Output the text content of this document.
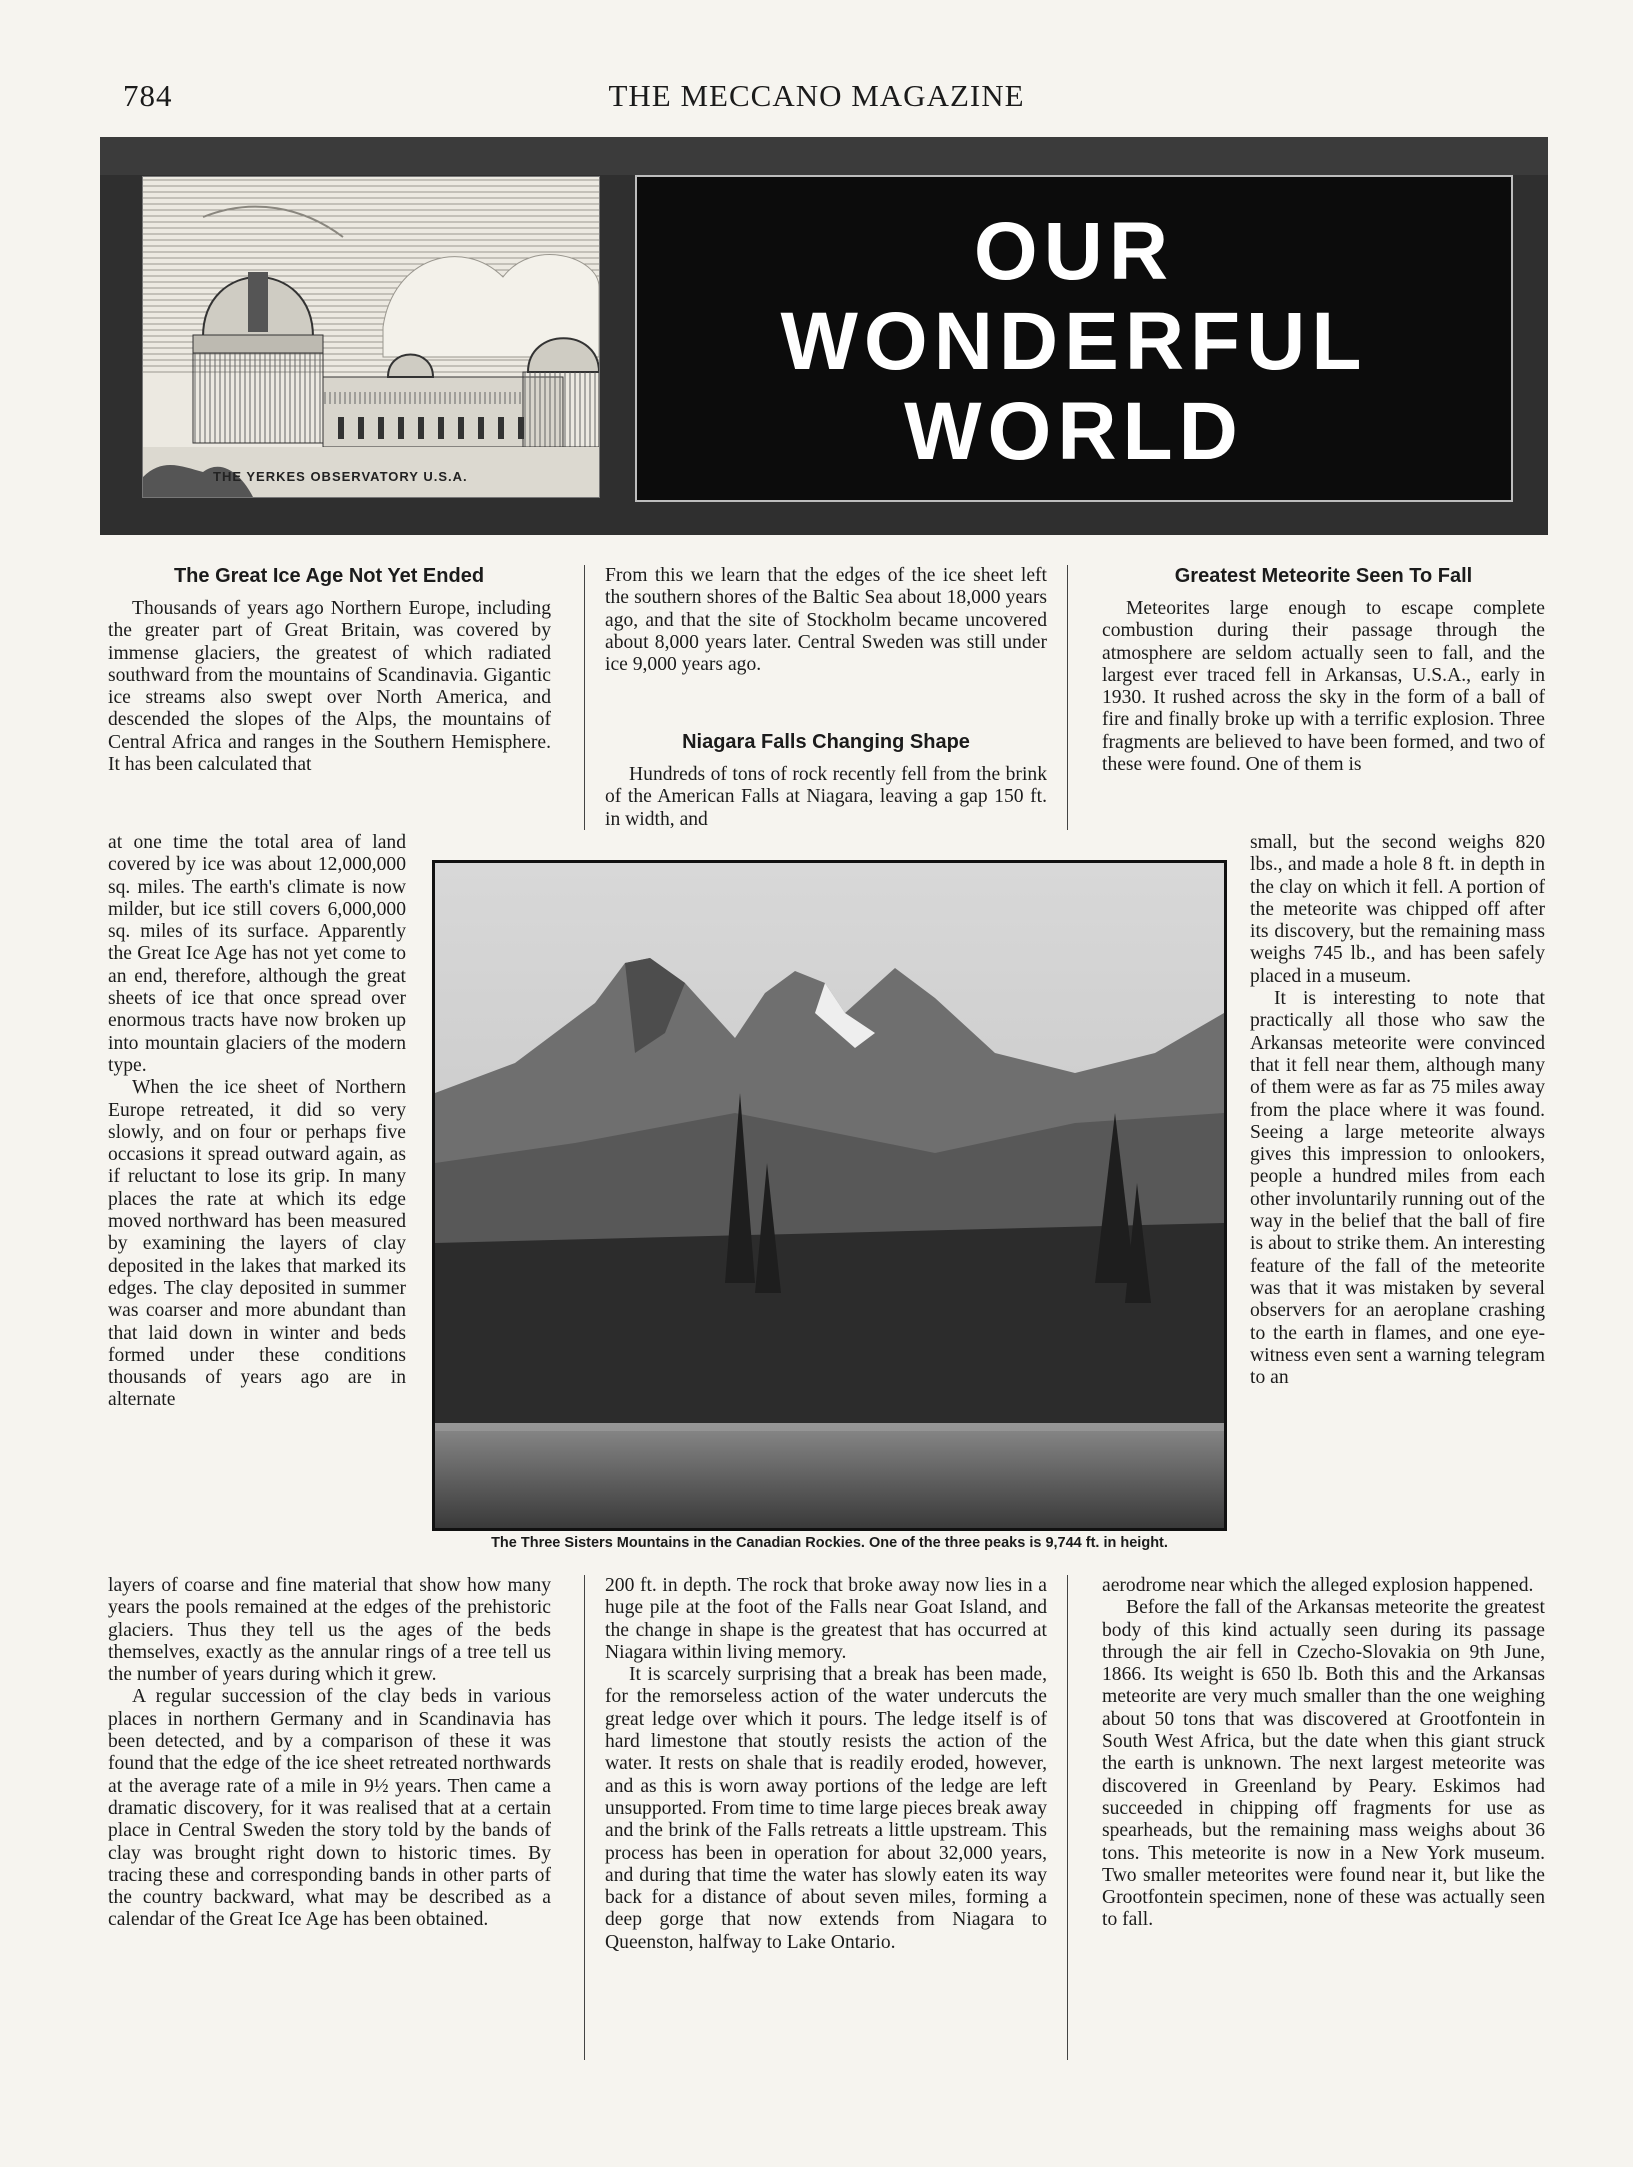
784	THE MECCANO MAGAZINE
THE YERKES OBSERVATORY U.S.A.
OUR
WONDERFUL
WORLD
The Great Ice Age Not Yet Ended

Thousands of years ago Northern Europe, including the greater part of Great Britain, was covered by immense glaciers, the greatest of which radiated southward from the mountains of Scandinavia. Gigantic ice streams also swept over North America, and descended the slopes of the Alps, the mountains of Central Africa and ranges in the Southern Hemisphere. It has been calculated that

at one time the total area of land covered by ice was about 12,000,000 sq. miles. The earth's climate is now milder, but ice still covers 6,000,000 sq. miles of its surface. Apparently the Great Ice Age has not yet come to an end, therefore, although the great sheets of ice that once spread over enormous tracts have now broken up into mountain glaciers of the modern type.

When the ice sheet of Northern Europe retreated, it did so very slowly, and on four or perhaps five occasions it spread outward again, as if reluctant to lose its grip. In many places the rate at which its edge moved northward has been measured by examining the layers of clay deposited in the lakes that marked its edges. The clay deposited in summer was coarser and more abundant than that laid down in winter and beds formed under these conditions thousands of years ago are in alternate

layers of coarse and fine material that show how many years the pools remained at the edges of the prehistoric glaciers. Thus they tell us the ages of the beds themselves, exactly as the annular rings of a tree tell us the number of years during which it grew.

A regular succession of the clay beds in various places in northern Germany and in Scandinavia has been detected, and by a comparison of these it was found that the edge of the ice sheet retreated northwards at the average rate of a mile in 9½ years. Then came a dramatic discovery, for it was realised that at a certain place in Central Sweden the story told by the bands of clay was brought right down to historic times. By tracing these and corresponding bands in other parts of the country backward, what may be described as a calendar of the Great Ice Age has been obtained.

From this we learn that the edges of the ice sheet left the southern shores of the Baltic Sea about 18,000 years ago, and that the site of Stockholm became uncovered about 8,000 years later. Central Sweden was still under ice 9,000 years ago.

Niagara Falls Changing Shape

Hundreds of tons of rock recently fell from the brink of the American Falls at Niagara, leaving a gap 150 ft. in width, and

Greatest Meteorite Seen To Fall

Meteorites large enough to escape complete combustion during their passage through the atmosphere are seldom actually seen to fall, and the largest ever traced fell in Arkansas, U.S.A., early in 1930. It rushed across the sky in the form of a ball of fire and finally broke up with a terrific explosion. Three fragments are believed to have been formed, and two of these were found. One of them is

small, but the second weighs 820 lbs., and made a hole 8 ft. in depth in the clay on which it fell. A portion of the meteorite was chipped off after its discovery, but the remaining mass weighs 745 lb., and has been safely placed in a museum.

It is interesting to note that practically all those who saw the Arkansas meteorite were convinced that it fell near them, although many of them were as far as 75 miles away from the place where it was found. Seeing a large meteorite always gives this impression to onlookers, people a hundred miles from each other involuntarily running out of the way in the belief that the ball of fire is about to strike them. An interesting feature of the fall of the meteorite was that it was mistaken by several observers for an aeroplane crashing to the earth in flames, and one eye-witness even sent a warning telegram to an

The Three Sisters Mountains in the Canadian Rockies. One of the three peaks is 9,744 ft. in height.

200 ft. in depth. The rock that broke away now lies in a huge pile at the foot of the Falls near Goat Island, and the change in shape is the greatest that has occurred at Niagara within living memory.

It is scarcely surprising that a break has been made, for the remorseless action of the water undercuts the great ledge over which it pours. The ledge itself is of hard limestone that stoutly resists the action of the water. It rests on shale that is readily eroded, however, and as this is worn away portions of the ledge are left unsupported. From time to time large pieces break away and the brink of the Falls retreats a little upstream. This process has been in operation for about 32,000 years, and during that time the water has slowly eaten its way back for a distance of about seven miles, forming a deep gorge that now extends from Niagara to Queenston, halfway to Lake Ontario.

aerodrome near which the alleged explosion happened.

Before the fall of the Arkansas meteorite the greatest body of this kind actually seen during its passage through the air fell in Czecho-Slovakia on 9th June, 1866. Its weight is 650 lb. Both this and the Arkansas meteorite are very much smaller than the one weighing about 50 tons that was discovered at Grootfontein in South West Africa, but the date when this giant struck the earth is unknown. The next largest meteorite was discovered in Greenland by Peary. Eskimos had succeeded in chipping off fragments for use as spearheads, but the remaining mass weighs about 36 tons. This meteorite is now in a New York museum. Two smaller meteorites were found near it, but like the Grootfontein specimen, none of these was actually seen to fall.
